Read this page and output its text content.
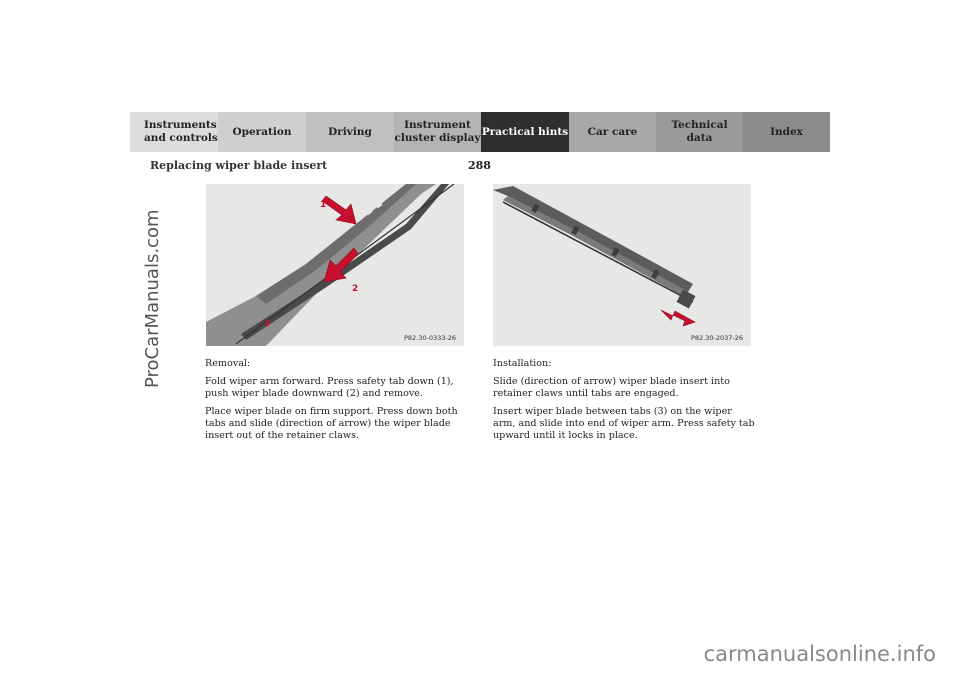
Instruments
and controls
Operation	Driving
Instrument
cluster display
Practical hints Car care
Technical
data
Index
Replacing wiper blade insert	288
ProCarManuals.com
1
2
3
P82.30-0333-26	P82.30-2037-26

Removal:

Fold wiper arm forward. Press safety tab down (1), push wiper blade downward (2) and remove.

Place wiper blade on firm support. Press down both tabs and slide (direction of arrow) the wiper blade insert out of the retainer claws.

Installation:

Slide (direction of arrow) wiper blade insert into retainer claws until tabs are engaged.

Insert wiper blade between tabs (3) on the wiper arm, and slide into end of wiper arm. Press safety tab upward until it locks in place.

carmanualsonline.info
